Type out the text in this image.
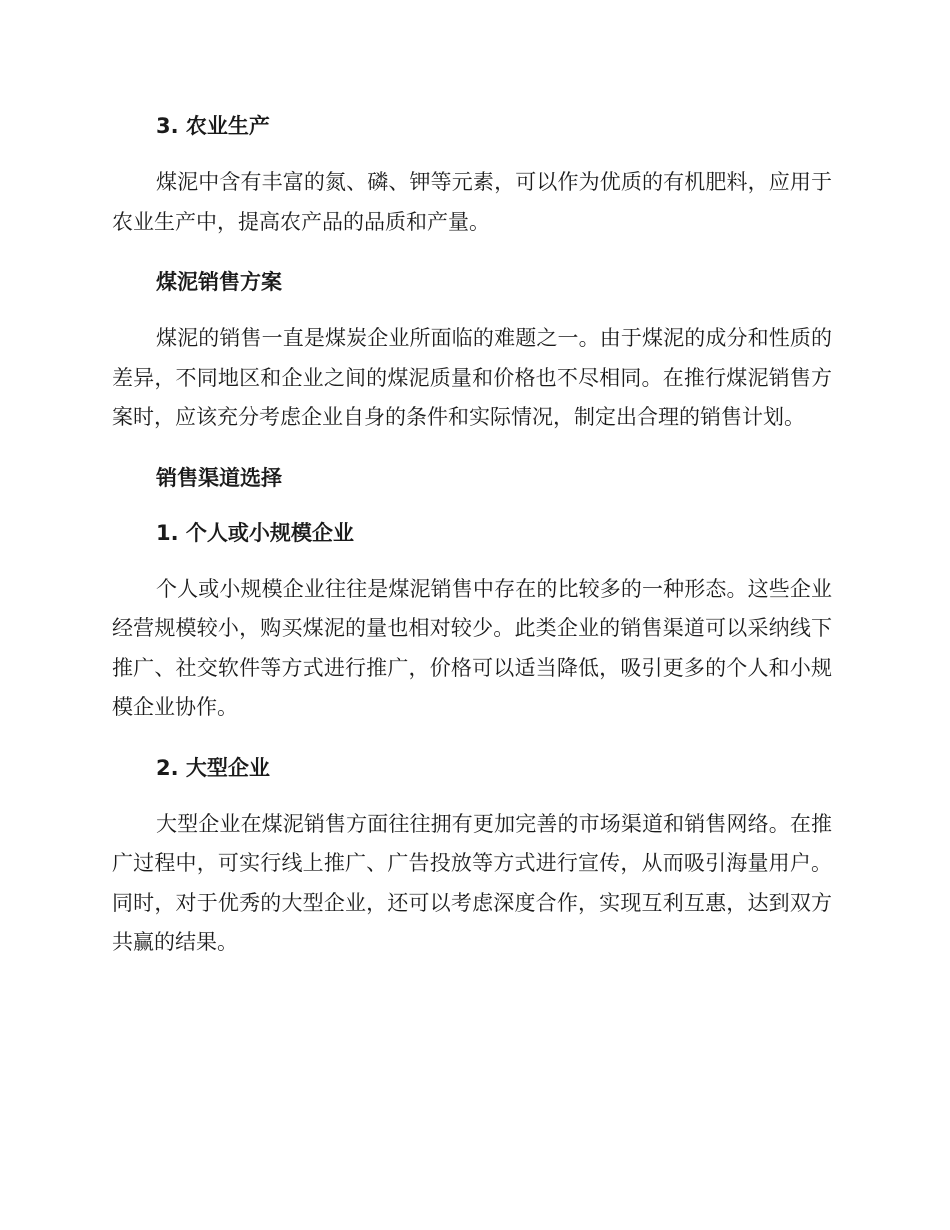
3. 农业生产

煤泥中含有丰富的氮、磷、钾等元素，可以作为优质的有机肥料，应用于农业生产中，提高农产品的品质和产量。

煤泥销售方案

煤泥的销售一直是煤炭企业所面临的难题之一。由于煤泥的成分和性质的差异，不同地区和企业之间的煤泥质量和价格也不尽相同。在推行煤泥销售方案时，应该充分考虑企业自身的条件和实际情况，制定出合理的销售计划。

销售渠道选择
1. 个人或小规模企业

个人或小规模企业往往是煤泥销售中存在的比较多的一种形态。这些企业经营规模较小，购买煤泥的量也相对较少。此类企业的销售渠道可以采纳线下推广、社交软件等方式进行推广，价格可以适当降低，吸引更多的个人和小规模企业协作。

2. 大型企业

大型企业在煤泥销售方面往往拥有更加完善的市场渠道和销售网络。在推广过程中，可实行线上推广、广告投放等方式进行宣传，从而吸引海量用户。同时，对于优秀的大型企业，还可以考虑深度合作，实现互利互惠，达到双方共赢的结果。
